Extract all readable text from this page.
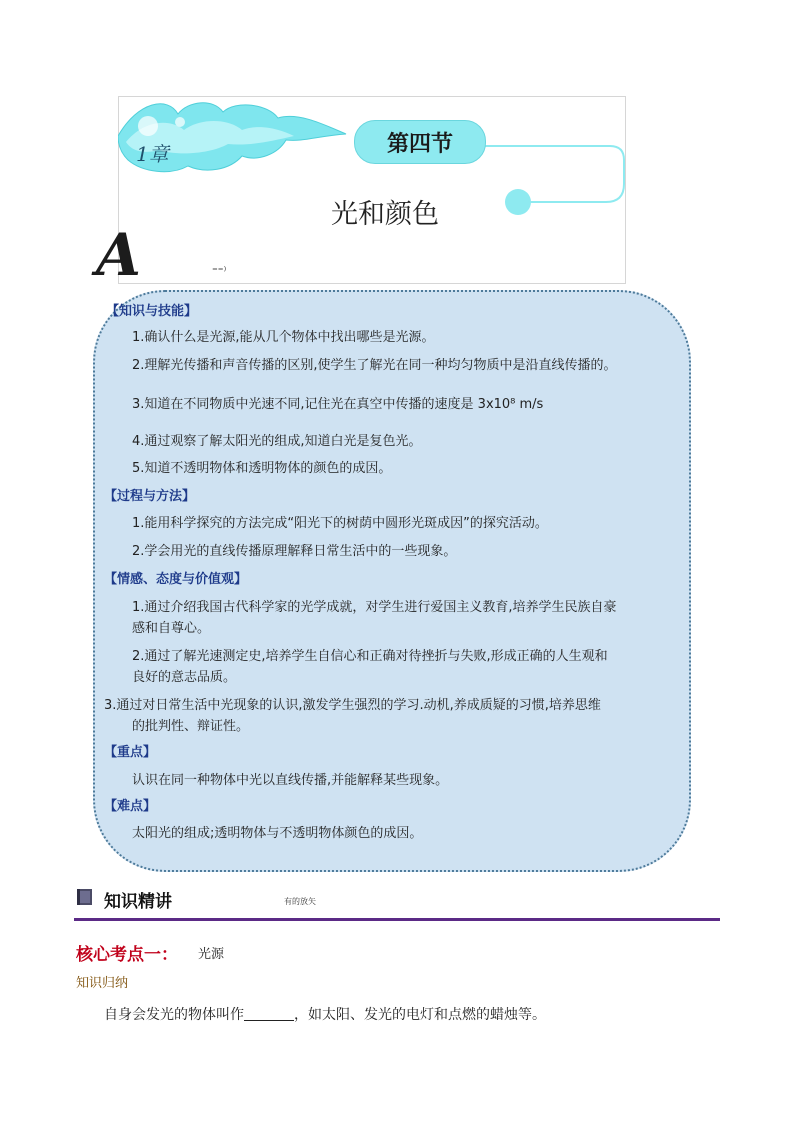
1章	第四节
光和颜色
A	⁼⁼⁾
【知识与技能】
1.确认什么是光源,能从几个物体中找出哪些是光源。
2.理解光传播和声音传播的区别,使学生了解光在同一种均匀物质中是沿直线传播的。
3.知道在不同物质中光速不同,记住光在真空中传播的速度是 3x10⁸ m/s
4.通过观察了解太阳光的组成,知道白光是复色光。
5.知道不透明物体和透明物体的颜色的成因。
【过程与方法】
1.能用科学探究的方法完成“阳光下的树荫中圆形光斑成因”的探究活动。
2.学会用光的直线传播原理解释日常生活中的一些现象。
【情感、态度与价值观】
1.通过介绍我国古代科学家的光学成就，对学生进行爱国主义教育,培养学生民族自豪
感和自尊心。
2.通过了解光速测定史,培养学生自信心和正确对待挫折与失败,形成正确的人生观和
良好的意志品质。
3.通过对日常生活中光现象的认识,激发学生强烈的学习.动机,养成质疑的习惯,培养思维
的批判性、辩证性。
【重点】
认识在同一种物体中光以直线传播,并能解释某些现象。
【难点】
太阳光的组成;透明物体与不透明物体颜色的成因。
知识精讲	有的放矢
核心考点一： 光源
知识归纳
自身会发光的物体叫作	，如太阳、发光的电灯和点燃的蜡烛等。
